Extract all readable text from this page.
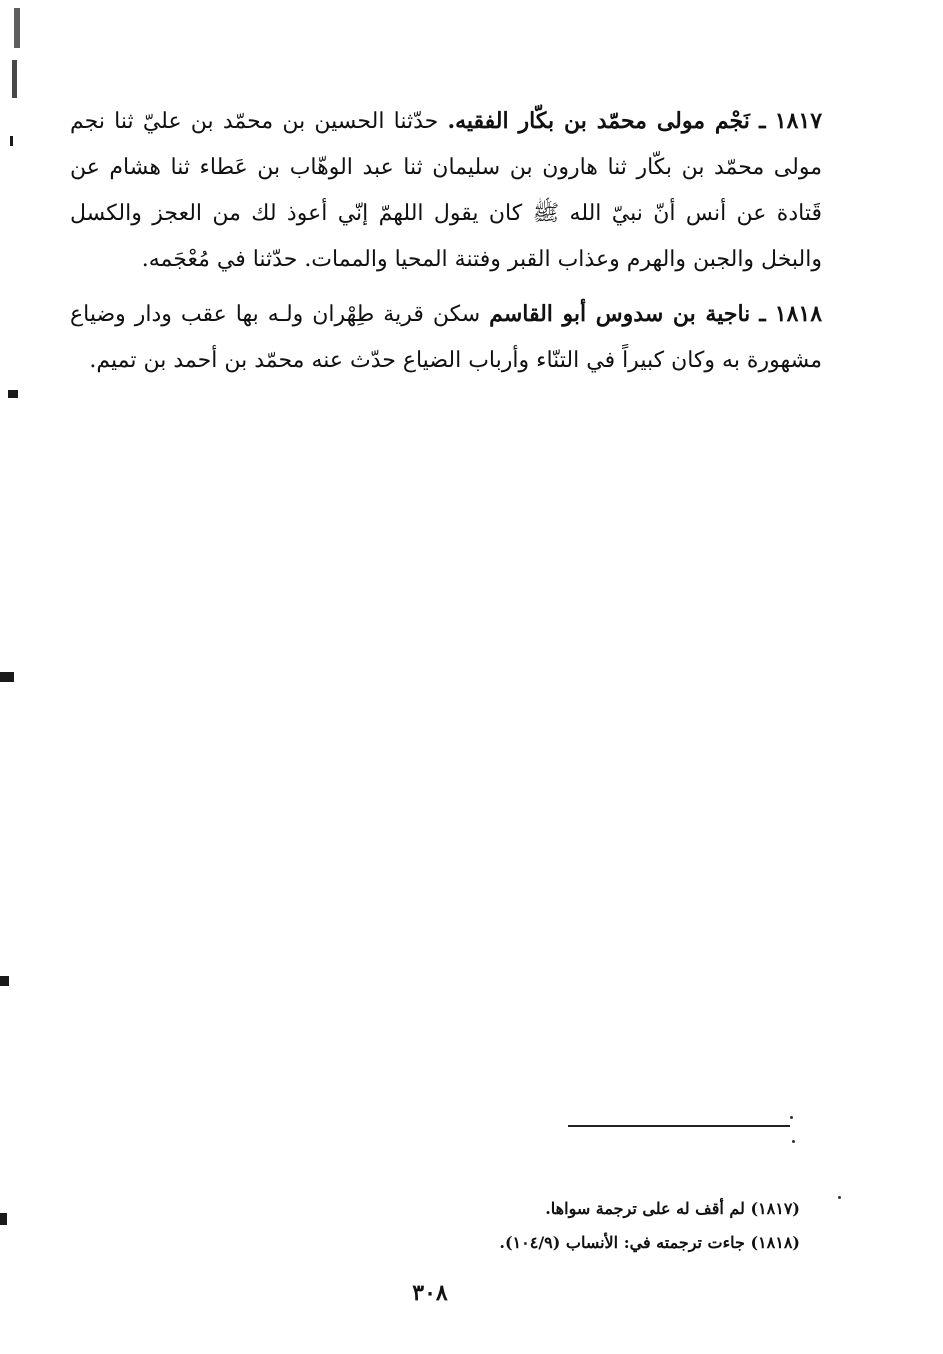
١٨١٧ ـ نَجْم مولى محمّد بن بكّار الفقيه. حدّثنا الحسين بن محمّد بن عليّ ثنا نجم مولى محمّد بن بكّار ثنا هارون بن سليمان ثنا عبد الوهّاب بن عَطاء ثنا هشام عن قَتادة عن أنس أنّ نبيّ الله ﷺ كان يقول اللهمّ إنّي أعوذ لك من العجز والكسل والبخل والجبن والهرم وعذاب القبر وفتنة المحيا والممات. حدّثنا في مُعْجَمه.

١٨١٨ ـ ناجية بن سدوس أبو القاسم سكن قرية طِهْران ولـه بها عقب ودار وضياع مشهورة به وكان كبيراً في التنّاء وأرباب الضياع حدّث عنه محمّد بن أحمد بن تميم.

(١٨١٧) لم أقف له على ترجمة سواها.

(١٨١٨) جاءت ترجمته في: الأنساب (١٠٤/٩).

٣٠٨
